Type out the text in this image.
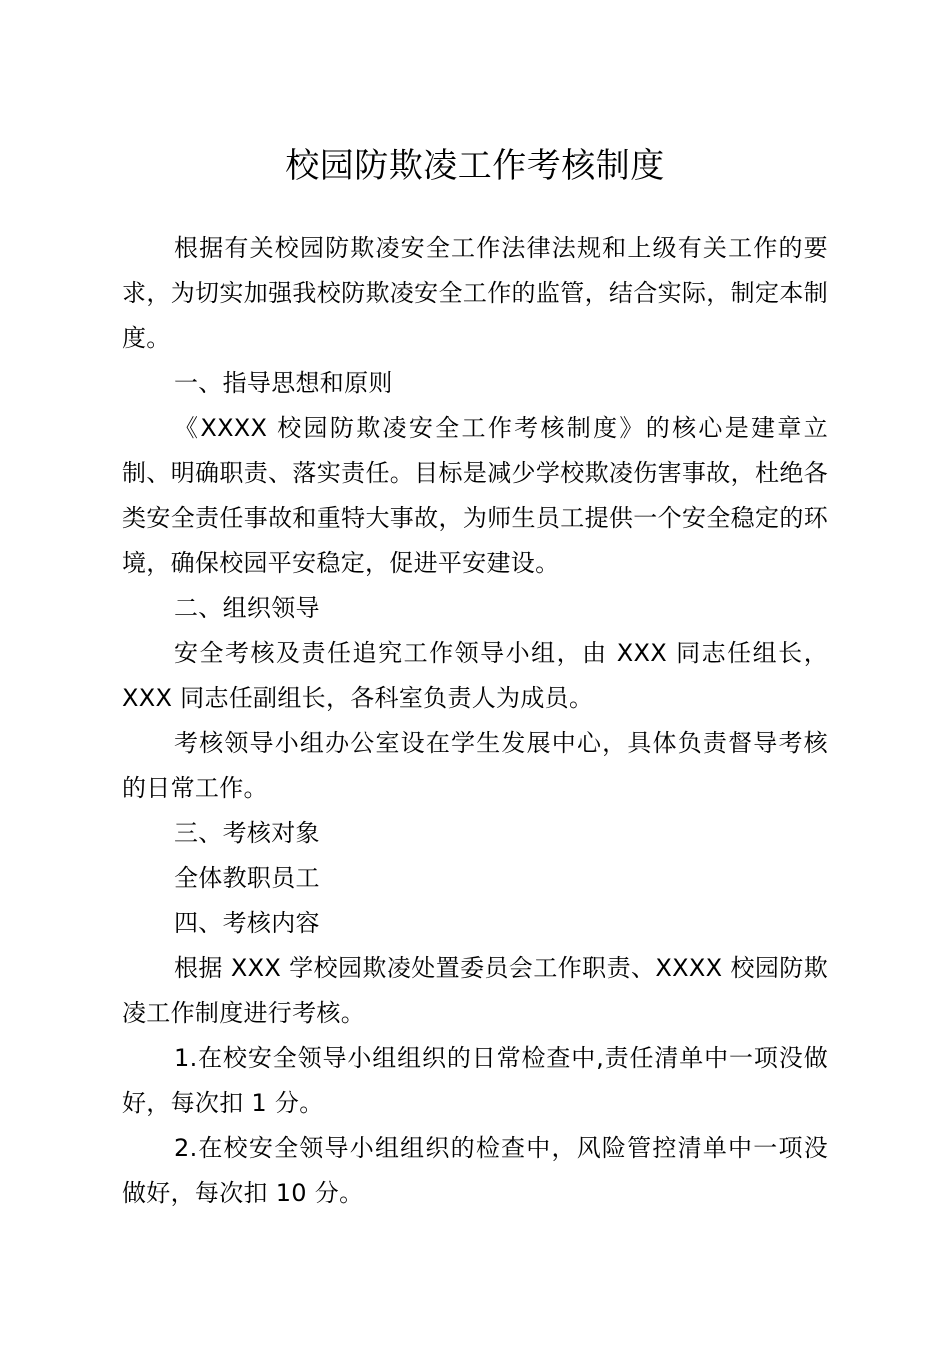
校园防欺凌工作考核制度

根据有关校园防欺凌安全工作法律法规和上级有关工作的要求，为切实加强我校防欺凌安全工作的监管，结合实际，制定本制度。

一、指导思想和原则

《XXXX 校园防欺凌安全工作考核制度》的核心是建章立制、明确职责、落实责任。目标是减少学校欺凌伤害事故，杜绝各类安全责任事故和重特大事故，为师生员工提供一个安全稳定的环境，确保校园平安稳定，促进平安建设。

二、组织领导

安全考核及责任追究工作领导小组，由 XXX 同志任组长，XXX 同志任副组长，各科室负责人为成员。

考核领导小组办公室设在学生发展中心，具体负责督导考核的日常工作。

三、考核对象

全体教职员工

四、考核内容

根据 XXX 学校园欺凌处置委员会工作职责、XXXX 校园防欺凌工作制度进行考核。

1.在校安全领导小组组织的日常检查中,责任清单中一项没做好，每次扣 1 分。

2.在校安全领导小组组织的检查中，风险管控清单中一项没做好，每次扣 10 分。
